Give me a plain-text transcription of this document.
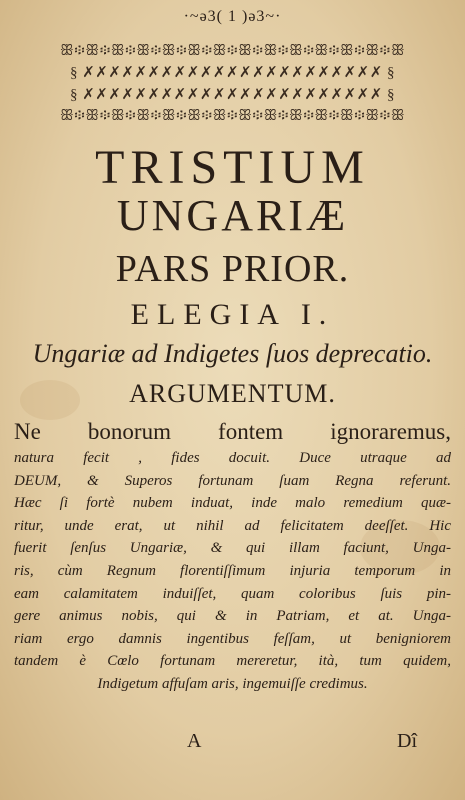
·~ǝ3( 1 )ǝ3~·
ꕥ፨ꕥ፨ꕥ፨ꕥ፨ꕥ፨ꕥ፨ꕥ፨ꕥ፨ꕥ፨ꕥ፨ꕥ፨ꕥ፨ꕥ፨ꕥ
§ ✗✗✗✗✗✗✗✗✗✗✗✗✗✗✗✗✗✗✗✗✗✗✗ §
§ ✗✗✗✗✗✗✗✗✗✗✗✗✗✗✗✗✗✗✗✗✗✗✗ §
ꕥ፨ꕥ፨ꕥ፨ꕥ፨ꕥ፨ꕥ፨ꕥ፨ꕥ፨ꕥ፨ꕥ፨ꕥ፨ꕥ፨ꕥ፨ꕥ
TRISTIUM
UNGARIÆ
PARS PRIOR.
ELEGIA I.
Ungariæ ad Indigetes ſuos deprecatio.
ARGUMENTUM.
Ne bonorum fontem ignoraremus,
natura fecit , fides docuit. Duce utraque ad
DEUM, & Superos fortunam ſuam Regna referunt.
Hæc ſi fortè nubem induat, inde malo remedium quæ-
ritur, unde erat, ut nihil ad felicitatem deeſſet. Hic
fuerit ſenſus Ungariæ, & qui illam faciunt, Unga-
ris, cùm Regnum florentiſſimum injuria temporum in
eam calamitatem induiſſet, quam coloribus ſuis pin-
gere animus nobis, qui & in Patriam, et at. Unga-
riam ergo damnis ingentibus feſſam, ut benigniorem
tandem è Cœlo fortunam mereretur, ità, tum quidem,
Indigetum affuſam aris, ingemuiſſe credimus.
A	Dî
